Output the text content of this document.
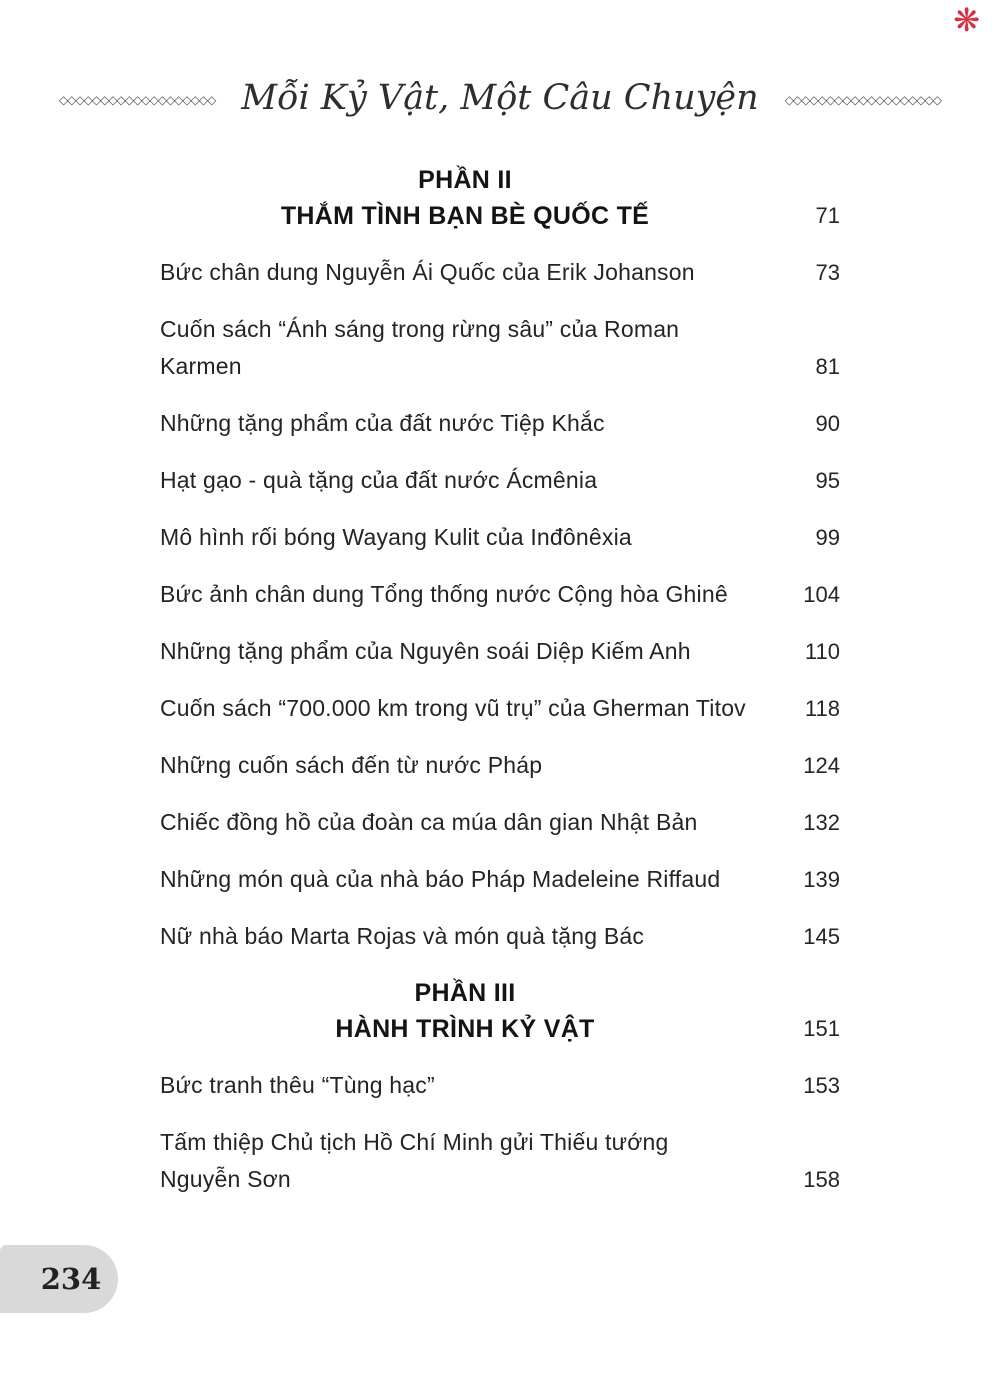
❋
◇◇◇◇◇◇◇◇◇◇◇◇◇◇◇◇◇◇◇ Mỗi Kỷ Vật, Một Câu Chuyện ◇◇◇◇◇◇◇◇◇◇◇◇◇◇◇◇◇◇◇
PHẦN II
THẮM TÌNH BẠN BÈ QUỐC TẾ	71
Bức chân dung Nguyễn Ái Quốc của Erik Johanson	73
Cuốn sách “Ánh sáng trong rừng sâu” của Roman
Karmen	81
Những tặng phẩm của đất nước Tiệp Khắc	90
Hạt gạo - quà tặng của đất nước Ácmênia	95
Mô hình rối bóng Wayang Kulit của Inđônêxia	99
Bức ảnh chân dung Tổng thống nước Cộng hòa Ghinê	104
Những tặng phẩm của Nguyên soái Diệp Kiếm Anh	110
Cuốn sách “700.000 km trong vũ trụ” của Gherman Titov	118
Những cuốn sách đến từ nước Pháp	124
Chiếc đồng hồ của đoàn ca múa dân gian Nhật Bản	132
Những món quà của nhà báo Pháp Madeleine Riffaud	139
Nữ nhà báo Marta Rojas và món quà tặng Bác	145
PHẦN III
HÀNH TRÌNH KỶ VẬT	151
Bức tranh thêu “Tùng hạc”	153
Tấm thiệp Chủ tịch Hồ Chí Minh gửi Thiếu tướng
Nguyễn Sơn	158
234
